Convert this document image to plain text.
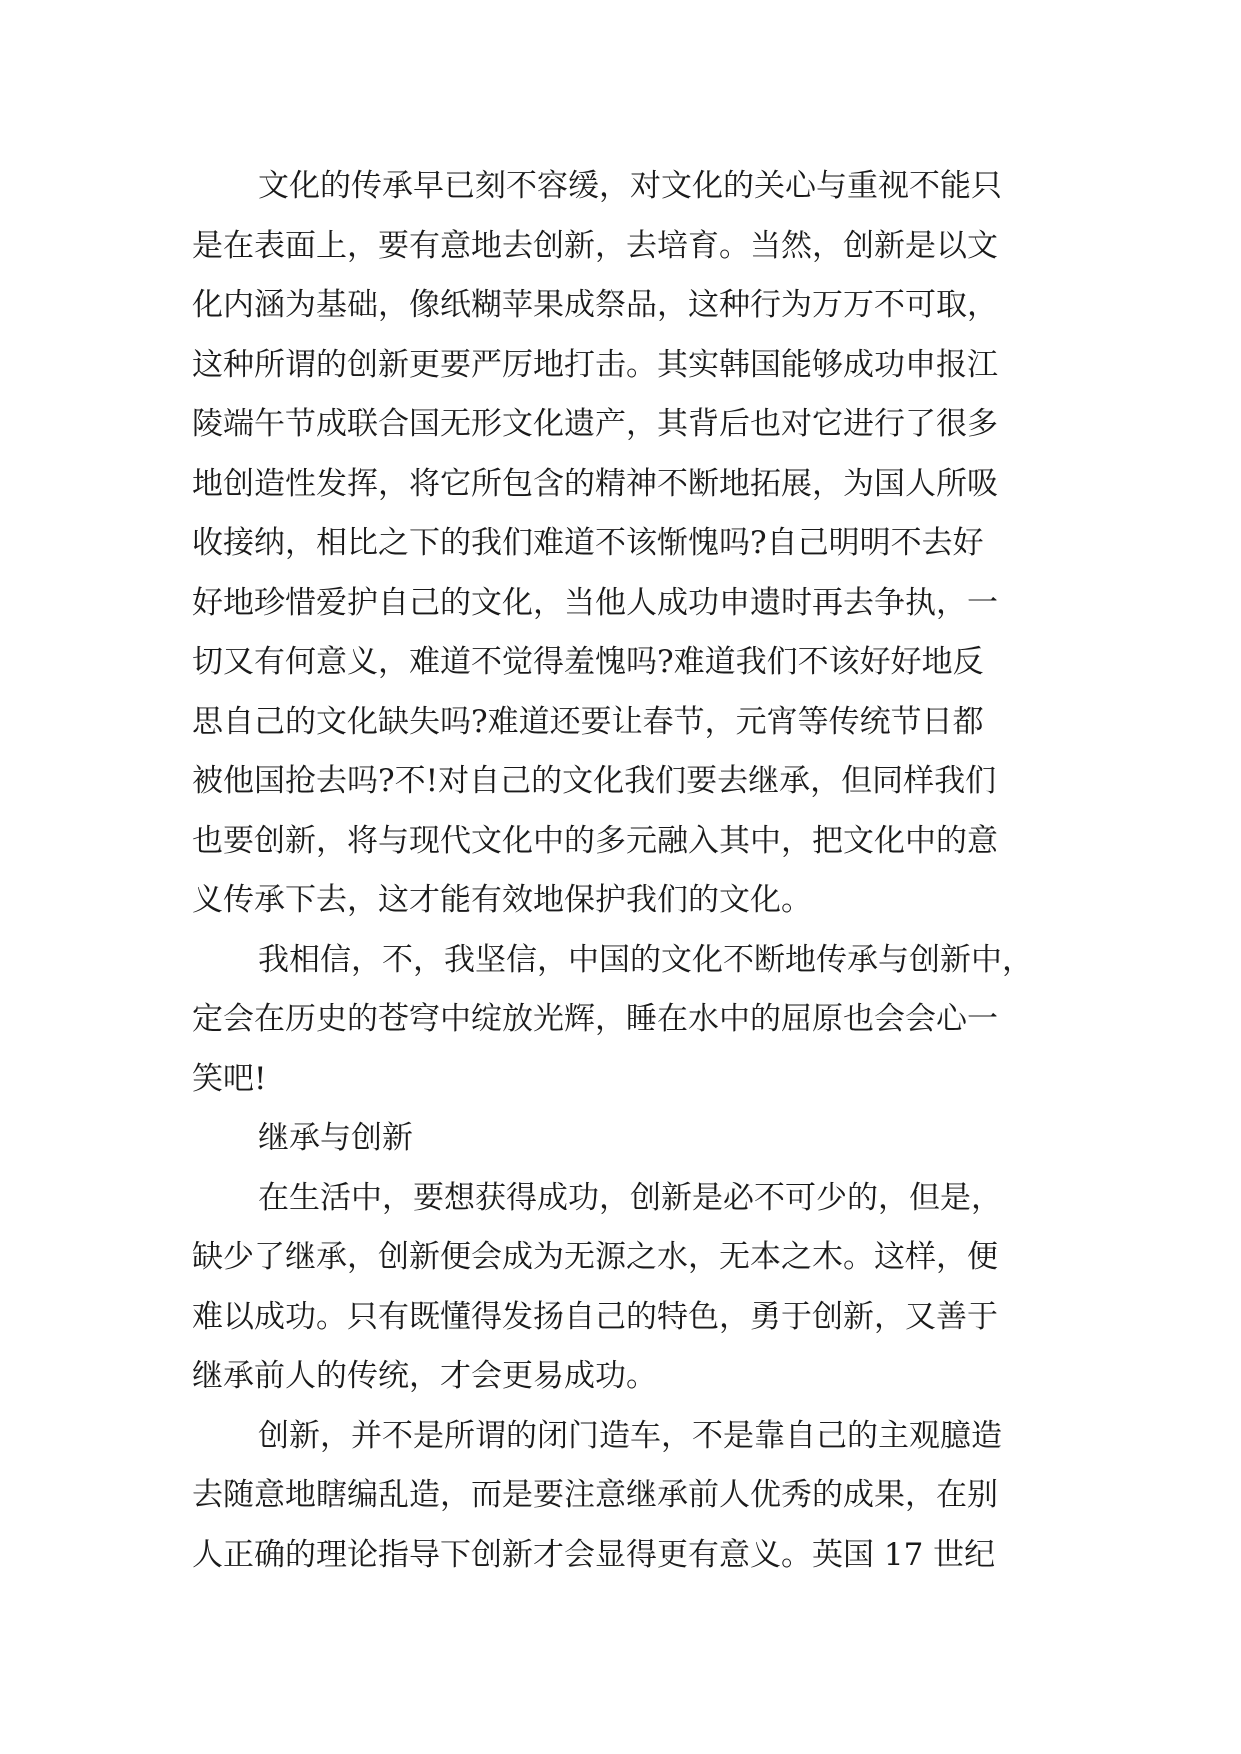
文化的传承早已刻不容缓，对文化的关心与重视不能只
是在表面上，要有意地去创新，去培育。当然，创新是以文
化内涵为基础，像纸糊苹果成祭品，这种行为万万不可取，
这种所谓的创新更要严厉地打击。其实韩国能够成功申报江
陵端午节成联合国无形文化遗产，其背后也对它进行了很多
地创造性发挥，将它所包含的精神不断地拓展，为国人所吸
收接纳，相比之下的我们难道不该惭愧吗?自己明明不去好
好地珍惜爱护自己的文化，当他人成功申遗时再去争执，一
切又有何意义，难道不觉得羞愧吗?难道我们不该好好地反
思自己的文化缺失吗?难道还要让春节，元宵等传统节日都
被他国抢去吗?不!对自己的文化我们要去继承，但同样我们
也要创新，将与现代文化中的多元融入其中，把文化中的意
义传承下去，这才能有效地保护我们的文化。
我相信，不，我坚信，中国的文化不断地传承与创新中，
定会在历史的苍穹中绽放光辉，睡在水中的屈原也会会心一
笑吧!
继承与创新
在生活中，要想获得成功，创新是必不可少的，但是，
缺少了继承，创新便会成为无源之水，无本之木。这样，便
难以成功。只有既懂得发扬自己的特色，勇于创新，又善于
继承前人的传统，才会更易成功。
创新，并不是所谓的闭门造车，不是靠自己的主观臆造
去随意地瞎编乱造，而是要注意继承前人优秀的成果，在别
人正确的理论指导下创新才会显得更有意义。英国 17 世纪
